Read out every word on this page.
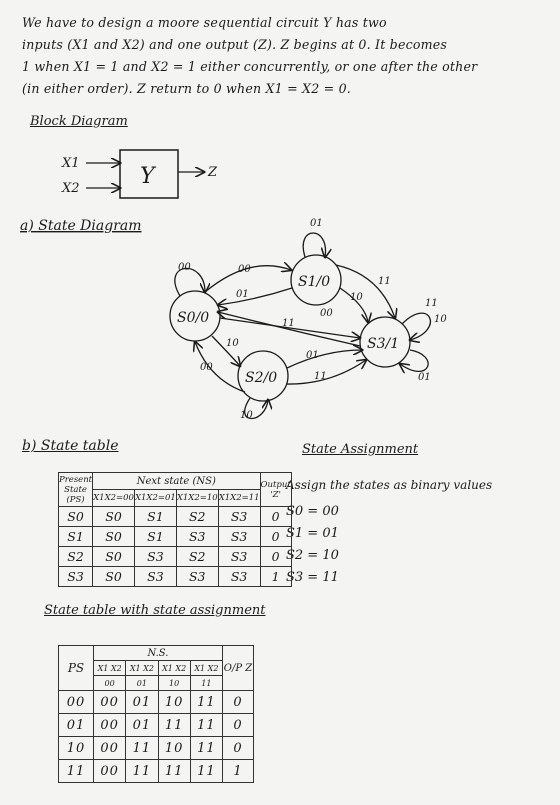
We have to design a moore sequential circuit Y has two
inputs (X1 and X2) and one output (Z). Z begins at 0. It becomes
1 when X1 = 1 and X2 = 1 either concurrently, or one after the other
(in either order). Z return to 0 when X1 = X2 = 0.
Block Diagram
Y
X1
X2
Z
a) State Diagram
S0/0
S1/0
S2/0
S3/1
00
01
10
11
10
01
00
01
10
00
11
11
10
00
01
11
b) State table	State Assignment
Assign the states as binary values
S0 = 00
S1 = 01
S2 = 10
S3 = 11
Present State (PS)	Next state (NS)				Output 'Z'
	X1X2=00	X1X2=01	X1X2=10	X1X2=11	
S0	S0	S1	S2	S3	0
S1	S0	S1	S3	S3	0
S2	S0	S3	S2	S3	0
S3	S0	S3	S3	S3	1
State table with state assignment
PS	N.S.				O/P Z
	X1 X2	X1 X2	X1 X2	X1 X2	
	00	01	10	11	
00	00	01	10	11	0
01	00	01	11	11	0
10	00	11	10	11	0
11	00	11	11	11	1
